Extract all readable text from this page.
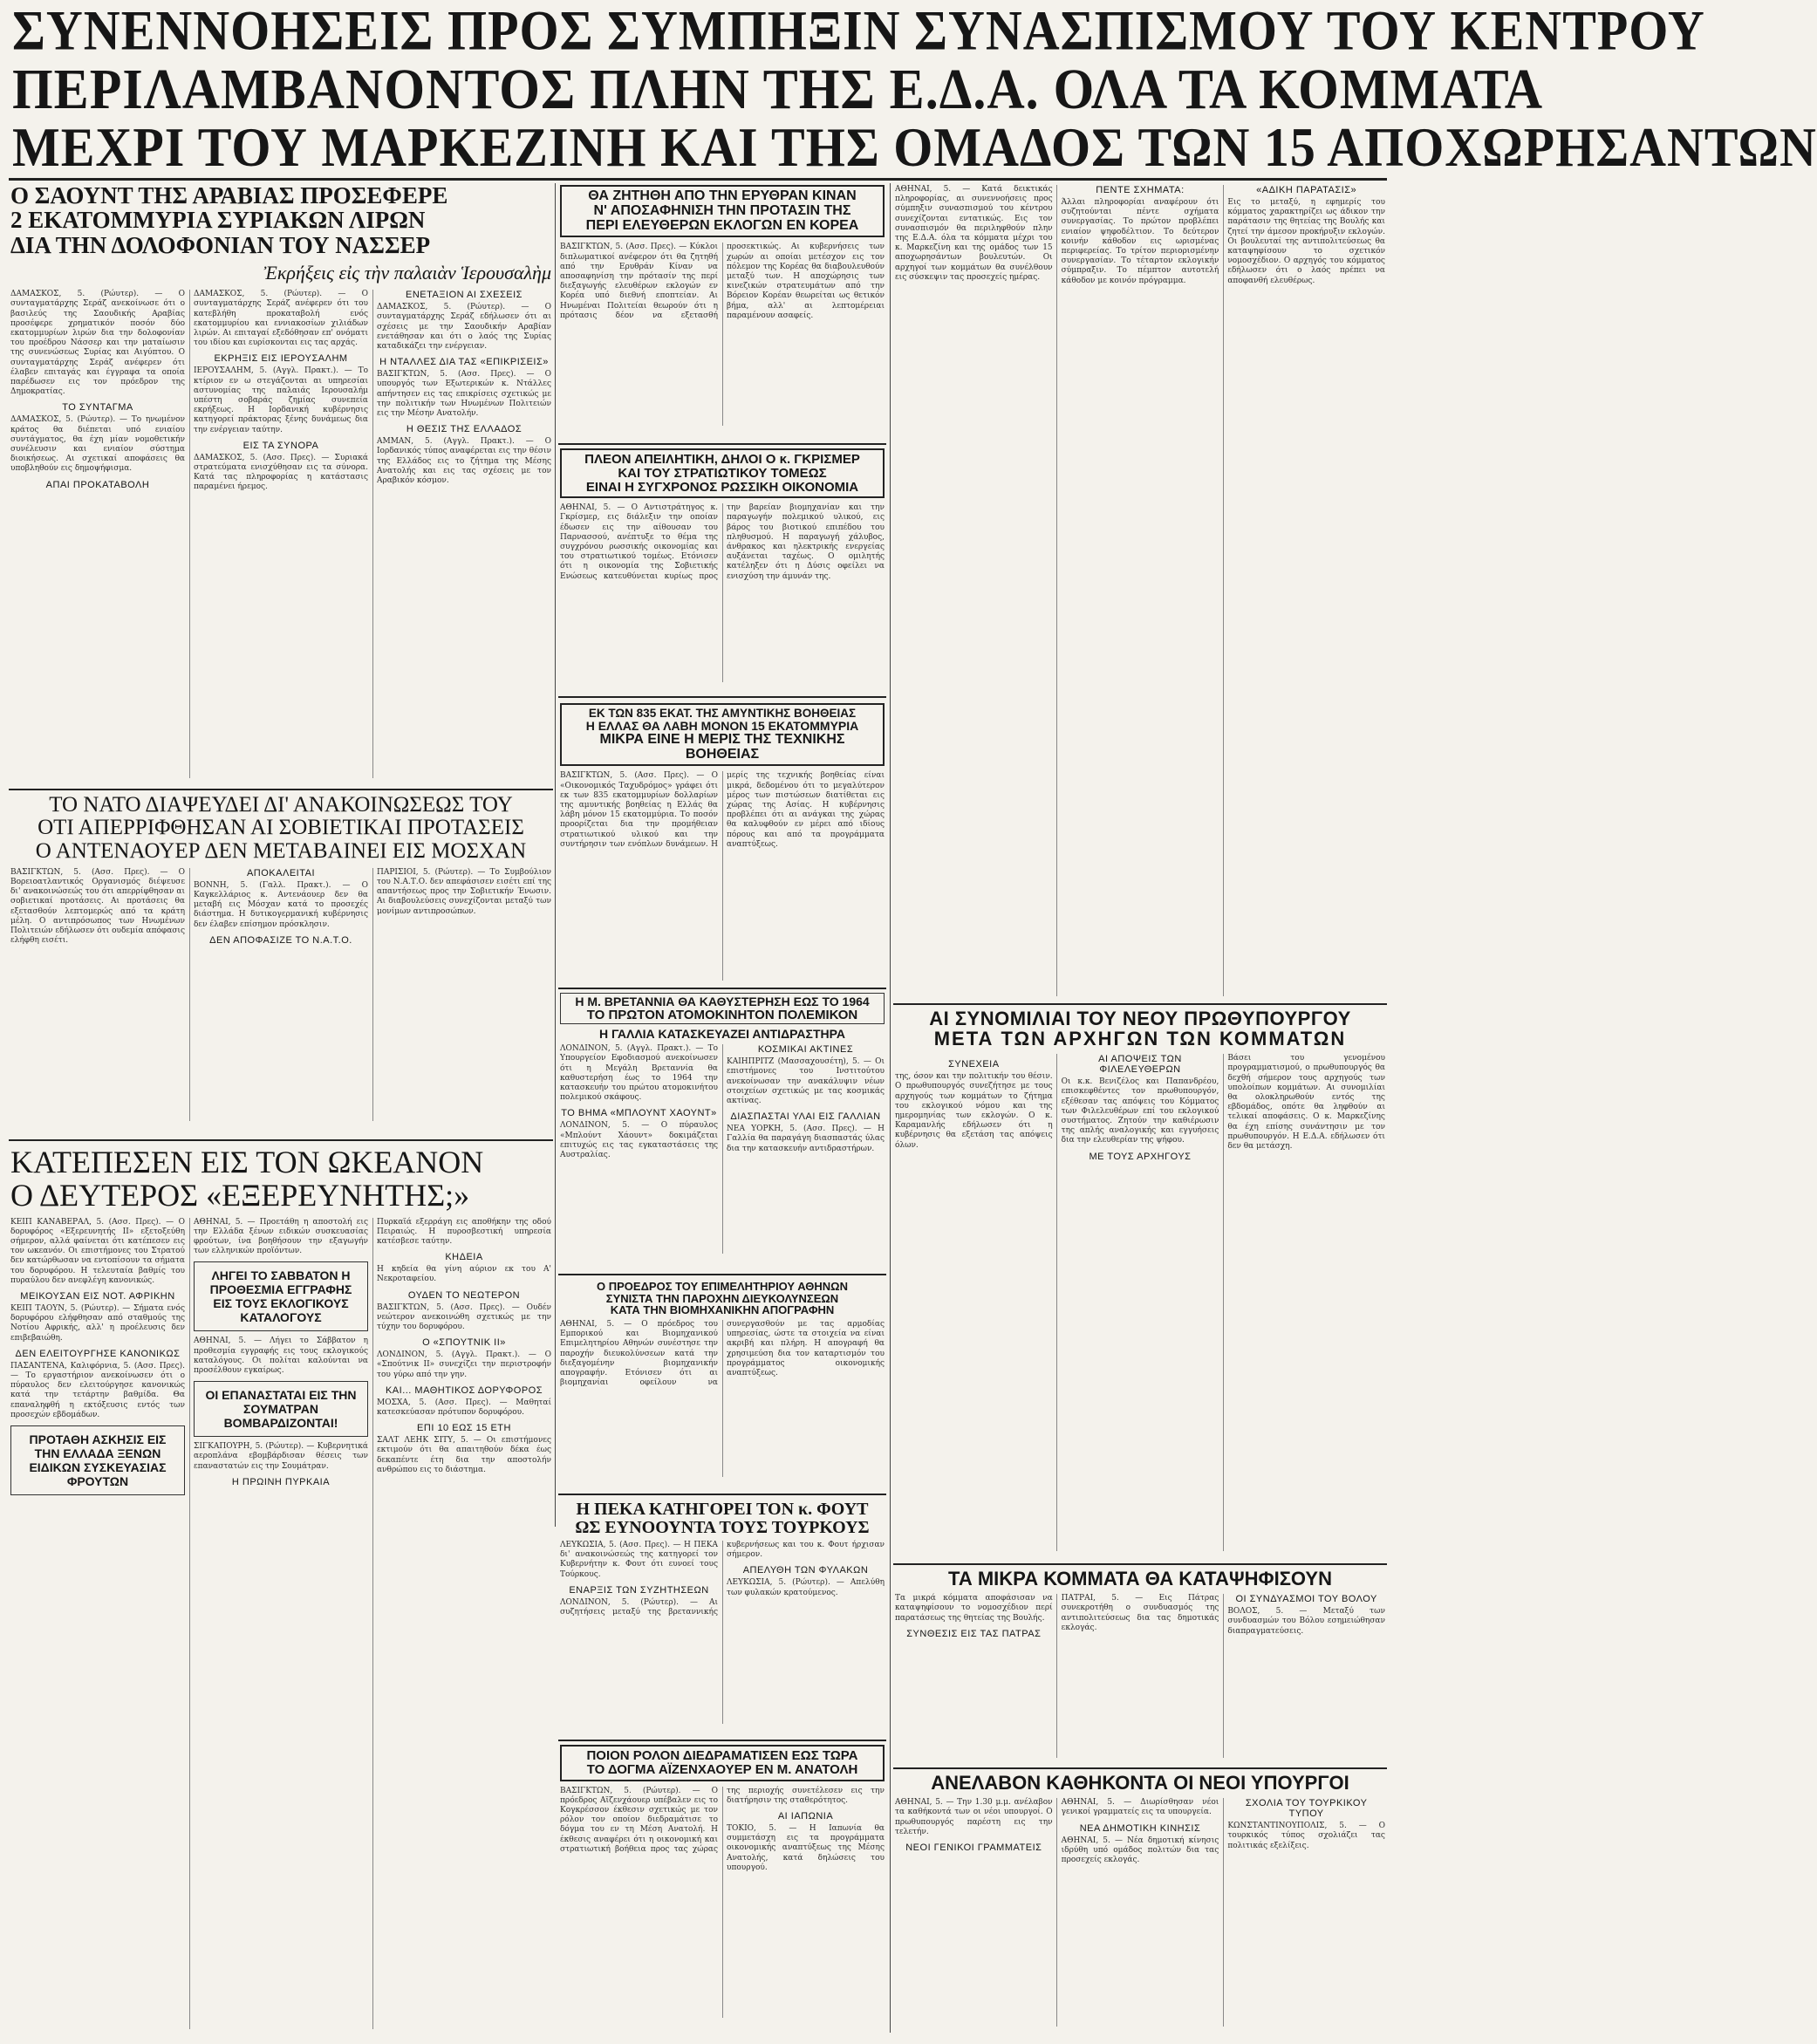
ΣΥΝΕΝΝΟΗΣΕΙΣ ΠΡΟΣ ΣΥΜΠΗΞΙΝ ΣΥΝΑΣΠΙΣΜΟΥ ΤΟΥ ΚΕΝΤΡΟΥ
ΠΕΡΙΛΑΜΒΑΝΟΝΤΟΣ ΠΛΗΝ ΤΗΣ Ε.Δ.Α. ΟΛΑ ΤΑ ΚΟΜΜΑΤΑ
ΜΕΧΡΙ ΤΟΥ ΜΑΡΚΕΖΙΝΗ ΚΑΙ ΤΗΣ ΟΜΑΔΟΣ ΤΩΝ 15 ΑΠΟΧΩΡΗΣΑΝΤΩΝ
Ο ΣΑΟΥΝΤ ΤΗΣ ΑΡΑΒΙΑΣ ΠΡΟΣΕΦΕΡΕ
2 ΕΚΑΤΟΜΜΥΡΙΑ ΣΥΡΙΑΚΩΝ ΛΙΡΩΝ
ΔΙΑ ΤΗΝ ΔΟΛΟΦΟΝΙΑΝ ΤΟΥ ΝΑΣΣΕΡ
Ἐκρήξεις εἰς τὴν παλαιὰν Ἱερουσαλὴμ

ΔΑΜΑΣΚΟΣ, 5. (Ρώυτερ). — Ο συνταγματάρχης Σεράζ ανεκοίνωσε ότι ο βασιλεύς της Σαουδικής Αραβίας προσέφερε χρηματικόν ποσόν δύο εκατομμυρίων λιρών δια την δολοφονίαν του προέδρου Νάσσερ και την ματαίωσιν της συνενώσεως Συρίας και Αιγύπτου. Ο συνταγματάρχης Σεράζ ανέφερεν ότι έλαβεν επιταγάς και έγγραφα τα οποία παρέδωσεν εις τον πρόεδρον της Δημοκρατίας.

ΤΟ ΣΥΝΤΑΓΜΑ

ΔΑΜΑΣΚΟΣ, 5. (Ρώυτερ). — Το ηνωμένον κράτος θα διέπεται υπό ενιαίου συντάγματος, θα έχη μίαν νομοθετικήν συνέλευσιν και ενιαίον σύστημα διοικήσεως. Αι σχετικαί αποφάσεις θα υποβληθούν εις δημοψήφισμα.

ΑΠΑΙ ΠΡΟΚΑΤΑΒΟΛΗ

ΔΑΜΑΣΚΟΣ, 5. (Ρώυτερ). — Ο συνταγματάρχης Σεράζ ανέφερεν ότι του κατεβλήθη προκαταβολή ενός εκατομμυρίου και εννιακοσίων χιλιάδων λιρών. Αι επιταγαί εξεδόθησαν επ' ονόματι του ιδίου και ευρίσκονται εις τας αρχάς.

ΕΚΡΗΞΙΣ ΕΙΣ ΙΕΡΟΥΣΑΛΗΜ

ΙΕΡΟΥΣΑΛΗΜ, 5. (Αγγλ. Πρακτ.). — Το κτίριον εν ω στεγάζονται αι υπηρεσίαι αστυνομίας της παλαιάς Ιερουσαλήμ υπέστη σοβαράς ζημίας συνεπεία εκρήξεως. Η Ιορδανική κυβέρνησις κατηγορεί πράκτορας ξένης δυνάμεως δια την ενέργειαν ταύτην.

ΕΙΣ ΤΑ ΣΥΝΟΡΑ

ΔΑΜΑΣΚΟΣ, 5. (Ασσ. Πρες). — Συριακά στρατεύματα ενισχύθησαν εις τα σύνορα. Κατά τας πληροφορίας η κατάστασις παραμένει ήρεμος.

ΕΝΕΤΑΞΙΟΝ ΑΙ ΣΧΕΣΕΙΣ

ΔΑΜΑΣΚΟΣ, 5. (Ρώυτερ). — Ο συνταγματάρχης Σεράζ εδήλωσεν ότι αι σχέσεις με την Σαουδικήν Αραβίαν ενετάθησαν και ότι ο λαός της Συρίας καταδικάζει την ενέργειαν.

Η ΝΤΑΛΛΕΣ ΔΙΑ ΤΑΣ «ΕΠΙΚΡΙΣΕΙΣ»

ΒΑΣΙΓΚΤΩΝ, 5. (Ασσ. Πρες). — Ο υπουργός των Εξωτερικών κ. Ντάλλες απήντησεν εις τας επικρίσεις σχετικώς με την πολιτικήν των Ηνωμένων Πολιτειών εις την Μέσην Ανατολήν.

Η ΘΕΣΙΣ ΤΗΣ ΕΛΛΑΔΟΣ

ΑΜΜΑΝ, 5. (Αγγλ. Πρακτ.). — Ο Ιορδανικός τύπος αναφέρεται εις την θέσιν της Ελλάδος εις το ζήτημα της Μέσης Ανατολής και εις τας σχέσεις με τον Αραβικόν κόσμον.

ΘΑ ΖΗΤΗΘΗ ΑΠΟ ΤΗΝ ΕΡΥΘΡΑΝ ΚΙΝΑΝ
Ν' ΑΠΟΣΑΦΗΝΙΣΗ ΤΗΝ ΠΡΟΤΑΣΙΝ ΤΗΣ
ΠΕΡΙ ΕΛΕΥΘΕΡΩΝ ΕΚΛΟΓΩΝ ΕΝ ΚΟΡΕΑ

ΒΑΣΙΓΚΤΩΝ, 5. (Ασσ. Πρες). — Κύκλοι διπλωματικοί ανέφερον ότι θα ζητηθή από την Ερυθράν Κίναν να αποσαφηνίση την πρότασίν της περί διεξαγωγής ελευθέρων εκλογών εν Κορέα υπό διεθνή εποπτείαν. Αι Ηνωμέναι Πολιτείαι θεωρούν ότι η πρότασις δέον να εξετασθή προσεκτικώς. Αι κυβερνήσεις των χωρών αι οποίαι μετέσχον εις τον πόλεμον της Κορέας θα διαβουλευθούν μεταξύ των. Η αποχώρησις των κινεζικών στρατευμάτων από την Βόρειον Κορέαν θεωρείται ως θετικόν βήμα, αλλ' αι λεπτομέρειαι παραμένουν ασαφείς.

ΠΛΕΟΝ ΑΠΕΙΛΗΤΙΚΗ, ΔΗΛΟΙ Ο κ. ΓΚΡΙΣΜΕΡ
ΚΑΙ ΤΟΥ ΣΤΡΑΤΙΩΤΙΚΟΥ ΤΟΜΕΩΣ
ΕΙΝΑΙ Η ΣΥΓΧΡΟΝΟΣ ΡΩΣΣΙΚΗ ΟΙΚΟΝΟΜΙΑ

ΑΘΗΝΑΙ, 5. — Ο Αντιστράτηγος κ. Γκρίσμερ, εις διάλεξιν την οποίαν έδωσεν εις την αίθουσαν του Παρνασσού, ανέπτυξε το θέμα της συγχρόνου ρωσσικής οικονομίας και του στρατιωτικού τομέως. Ετόνισεν ότι η οικονομία της Σοβιετικής Ενώσεως κατευθύνεται κυρίως προς την βαρείαν βιομηχανίαν και την παραγωγήν πολεμικού υλικού, εις βάρος του βιοτικού επιπέδου του πληθυσμού. Η παραγωγή χάλυβος, άνθρακος και ηλεκτρικής ενεργείας αυξάνεται ταχέως. Ο ομιλητής κατέληξεν ότι η Δύσις οφείλει να ενισχύση την άμυνάν της.

ΕΚ ΤΩΝ 835 ΕΚΑΤ. ΤΗΣ ΑΜΥΝΤΙΚΗΣ ΒΟΗΘΕΙΑΣ
Η ΕΛΛΑΣ ΘΑ ΛΑΒΗ ΜΟΝΟΝ 15 ΕΚΑΤΟΜΜΥΡΙΑ
ΜΙΚΡΑ ΕΙΝΕ Η ΜΕΡΙΣ ΤΗΣ ΤΕΧΝΙΚΗΣ ΒΟΗΘΕΙΑΣ

ΒΑΣΙΓΚΤΩΝ, 5. (Ασσ. Πρες). — Ο «Οικονομικός Ταχυδρόμος» γράφει ότι εκ των 835 εκατομμυρίων δολλαρίων της αμυντικής βοηθείας η Ελλάς θα λάβη μόνον 15 εκατομμύρια. Το ποσόν προορίζεται δια την προμήθειαν στρατιωτικού υλικού και την συντήρησιν των ενόπλων δυνάμεων. Η μερίς της τεχνικής βοηθείας είναι μικρά, δεδομένου ότι το μεγαλύτερον μέρος των πιστώσεων διατίθεται εις χώρας της Ασίας. Η κυβέρνησις προβλέπει ότι αι ανάγκαι της χώρας θα καλυφθούν εν μέρει από ιδίους πόρους και από τα προγράμματα αναπτύξεως.

Η Μ. ΒΡΕΤΑΝΝΙΑ ΘΑ ΚΑΘΥΣΤΕΡΗΣΗ ΕΩΣ ΤΟ 1964
ΤΟ ΠΡΩΤΟΝ ΑΤΟΜΟΚΙΝΗΤΟΝ ΠΟΛΕΜΙΚΟΝ
Η ΓΑΛΛΙΑ ΚΑΤΑΣΚΕΥΑΖΕΙ ΑΝΤΙΔΡΑΣΤΗΡΑ

ΛΟΝΔΙΝΟΝ, 5. (Αγγλ. Πρακτ.). — Το Υπουργείον Εφοδιασμού ανεκοίνωσεν ότι η Μεγάλη Βρεταννία θα καθυστερήση έως το 1964 την κατασκευήν του πρώτου ατομοκινήτου πολεμικού σκάφους.

ΤΟ ΒΗΜΑ «ΜΠΛΟΥΝΤ ΧΑΟΥΝΤ»

ΛΟΝΔΙΝΟΝ, 5. — Ο πύραυλος «Μπλούντ Χάουντ» δοκιμάζεται επιτυχώς εις τας εγκαταστάσεις της Αυστραλίας.

ΚΟΣΜΙΚΑΙ ΑΚΤΙΝΕΣ

ΚΑΙΗΠΡΙΤΖ (Μασσαχουσέτη), 5. — Οι επιστήμονες του Ινστιτούτου ανεκοίνωσαν την ανακάλυψιν νέων στοιχείων σχετικώς με τας κοσμικάς ακτίνας.

ΔΙΑΣΠΑΣΤΑΙ ΥΛΑΙ ΕΙΣ ΓΑΛΛΙΑΝ

ΝΕΑ ΥΟΡΚΗ, 5. (Ασσ. Πρες). — Η Γαλλία θα παραγάγη διασπαστάς ύλας δια την κατασκευήν αντιδραστήρων.

ΤΟ ΝΑΤΟ ΔΙΑΨΕΥΔΕΙ ΔΙ' ΑΝΑΚΟΙΝΩΣΕΩΣ ΤΟΥ
ΟΤΙ ΑΠΕΡΡΙΦΘΗΣΑΝ ΑΙ ΣΟΒΙΕΤΙΚΑΙ ΠΡΟΤΑΣΕΙΣ
Ο ΑΝΤΕΝΑΟΥΕΡ ΔΕΝ ΜΕΤΑΒΑΙΝΕΙ ΕΙΣ ΜΟΣΧΑΝ

ΒΑΣΙΓΚΤΩΝ, 5. (Ασσ. Πρες). — Ο Βορειοατλαντικός Οργανισμός διέψευσε δι' ανακοινώσεώς του ότι απερρίφθησαν αι σοβιετικαί προτάσεις. Αι προτάσεις θα εξετασθούν λεπτομερώς από τα κράτη μέλη. Ο αντιπρόσωπος των Ηνωμένων Πολιτειών εδήλωσεν ότι ουδεμία απόφασις ελήφθη εισέτι.

ΑΠΟΚΑΛΕΙΤΑΙ

ΒΟΝΝΗ, 5. (Γαλλ. Πρακτ.). — Ο Καγκελλάριος κ. Αντενάουερ δεν θα μεταβή εις Μόσχαν κατά το προσεχές διάστημα. Η δυτικογερμανική κυβέρνησις δεν έλαβεν επίσημον πρόσκλησιν.

ΔΕΝ ΑΠΟΦΑΣΙΖΕ ΤΟ Ν.Α.Τ.Ο.

ΠΑΡΙΣΙΟΙ, 5. (Ρώυτερ). — Το Συμβούλιον του Ν.Α.Τ.Ο. δεν απεφάσισεν εισέτι επί της απαντήσεως προς την Σοβιετικήν Ένωσιν. Αι διαβουλεύσεις συνεχίζονται μεταξύ των μονίμων αντιπροσώπων.

ΚΑΤΕΠΕΣΕΝ ΕΙΣ ΤΟΝ ΩΚΕΑΝΟΝ
Ο ΔΕΥΤΕΡΟΣ «ΕΞΕΡΕΥΝΗΤΗΣ;»

ΚΕΙΠ ΚΑΝΑΒΕΡΑΛ, 5. (Ασσ. Πρες). — Ο δορυφόρος «Εξερευνητής ΙΙ» εξετοξεύθη σήμερον, αλλά φαίνεται ότι κατέπεσεν εις τον ωκεανόν. Οι επιστήμονες του Στρατού δεν κατώρθωσαν να εντοπίσουν τα σήματα του δορυφόρου. Η τελευταία βαθμίς του πυραύλου δεν ανεφλέγη κανονικώς.

ΜΕΙΚΟΥΣΑΝ ΕΙΣ ΝΟΤ. ΑΦΡΙΚΗΝ

ΚΕΙΠ ΤΑΟΥΝ, 5. (Ρώυτερ). — Σήματα ενός δορυφόρου ελήφθησαν από σταθμούς της Νοτίου Αφρικής, αλλ' η προέλευσις δεν επιβεβαιώθη.

ΔΕΝ ΕΛΕΙΤΟΥΡΓΗΣΕ ΚΑΝΟΝΙΚΩΣ

ΠΑΣΑΝΤΕΝΑ, Καλιφόρνια, 5. (Ασσ. Πρες). — Το εργαστήριον ανεκοίνωσεν ότι ο πύραυλος δεν ελειτούργησε κανονικώς κατά την τετάρτην βαθμίδα. Θα επαναληφθή η εκτόξευσις εντός των προσεχών εβδομάδων.

ΠΡΟΤΑΘΗ ΑΣΚΗΣΙΣ ΕΙΣ ΤΗΝ ΕΛΛΑΔΑ ΞΕΝΩΝ ΕΙΔΙΚΩΝ ΣΥΣΚΕΥΑΣΙΑΣ ΦΡΟΥΤΩΝ

ΑΘΗΝΑΙ, 5. — Προετάθη η αποστολή εις την Ελλάδα ξένων ειδικών συσκευασίας φρούτων, ίνα βοηθήσουν την εξαγωγήν των ελληνικών προϊόντων.

ΛΗΓΕΙ ΤΟ ΣΑΒΒΑΤΟΝ Η ΠΡΟΘΕΣΜΙΑ ΕΓΓΡΑΦΗΣ ΕΙΣ ΤΟΥΣ ΕΚΛΟΓΙΚΟΥΣ ΚΑΤΑΛΟΓΟΥΣ

ΑΘΗΝΑΙ, 5. — Λήγει το Σάββατον η προθεσμία εγγραφής εις τους εκλογικούς καταλόγους. Οι πολίται καλούνται να προσέλθουν εγκαίρως.

ΟΙ ΕΠΑΝΑΣΤΑΤΑΙ ΕΙΣ ΤΗΝ ΣΟΥΜΑΤΡΑΝ ΒΟΜΒΑΡΔΙΖΟΝΤΑΙ!

ΣΙΓΚΑΠΟΥΡΗ, 5. (Ρώυτερ). — Κυβερνητικά αεροπλάνα εβομβάρδισαν θέσεις των επαναστατών εις την Σουμάτραν.

Η ΠΡΩΙΝΗ ΠΥΡΚΑΙΑ

Πυρκαϊά εξερράγη εις αποθήκην της οδού Πειραιώς. Η πυροσβεστική υπηρεσία κατέσβεσε ταύτην.

ΚΗΔΕΙΑ

Η κηδεία θα γίνη αύριον εκ του Α' Νεκροταφείου.

ΟΥΔΕΝ ΤΟ ΝΕΩΤΕΡΟΝ

ΒΑΣΙΓΚΤΩΝ, 5. (Ασσ. Πρες). — Ουδέν νεώτερον ανεκοινώθη σχετικώς με την τύχην του δορυφόρου.

Ο «ΣΠΟΥΤΝΙΚ ΙΙ»

ΛΟΝΔΙΝΟΝ, 5. (Αγγλ. Πρακτ.). — Ο «Σπούτνικ ΙΙ» συνεχίζει την περιστροφήν του γύρω από την γην.

ΚΑΙ... ΜΑΘΗΤΙΚΟΣ ΔΟΡΥΦΟΡΟΣ

ΜΟΣΧΑ, 5. (Ασσ. Πρες). — Μαθηταί κατεσκεύασαν πρότυπον δορυφόρου.

ΕΠΙ 10 ΕΩΣ 15 ΕΤΗ

ΣΑΛΤ ΛΕΗΚ ΣΙΤΥ, 5. — Οι επιστήμονες εκτιμούν ότι θα απαιτηθούν δέκα έως δεκαπέντε έτη δια την αποστολήν ανθρώπου εις το διάστημα.

Ο ΠΡΟΕΔΡΟΣ ΤΟΥ ΕΠΙΜΕΛΗΤΗΡΙΟΥ ΑΘΗΝΩΝ
ΣΥΝΙΣΤΑ ΤΗΝ ΠΑΡΟΧΗΝ ΔΙΕΥΚΟΛΥΝΣΕΩΝ
ΚΑΤΑ ΤΗΝ ΒΙΟΜΗΧΑΝΙΚΗΝ ΑΠΟΓΡΑΦΗΝ

ΑΘΗΝΑΙ, 5. — Ο πρόεδρος του Εμπορικού και Βιομηχανικού Επιμελητηρίου Αθηνών συνέστησε την παροχήν διευκολύνσεων κατά την διεξαγομένην βιομηχανικήν απογραφήν. Ετόνισεν ότι αι βιομηχανίαι οφείλουν να συνεργασθούν με τας αρμοδίας υπηρεσίας, ώστε τα στοιχεία να είναι ακριβή και πλήρη. Η απογραφή θα χρησιμεύση δια τον καταρτισμόν του προγράμματος οικονομικής αναπτύξεως.

Η ΠΕΚΑ ΚΑΤΗΓΟΡΕΙ ΤΟΝ κ. ΦΟΥΤ
ΩΣ ΕΥΝΟΟΥΝΤΑ ΤΟΥΣ ΤΟΥΡΚΟΥΣ

ΛΕΥΚΩΣΙΑ, 5. (Ασσ. Πρες). — Η ΠΕΚΑ δι' ανακοινώσεώς της κατηγορεί τον Κυβερνήτην κ. Φουτ ότι ευνοεί τους Τούρκους.

ΕΝΑΡΞΙΣ ΤΩΝ ΣΥΖΗΤΗΣΕΩΝ

ΛΟΝΔΙΝΟΝ, 5. (Ρώυτερ). — Αι συζητήσεις μεταξύ της βρεταννικής κυβερνήσεως και του κ. Φουτ ήρχισαν σήμερον.

ΑΠΕΛΥΘΗ ΤΩΝ ΦΥΛΑΚΩΝ

ΛΕΥΚΩΣΙΑ, 5. (Ρώυτερ). — Απελύθη των φυλακών κρατούμενος.

ΠΟΙΟΝ ΡΟΛΟΝ ΔΙΕΔΡΑΜΑΤΙΣΕΝ ΕΩΣ ΤΩΡΑ
ΤΟ ΔΟΓΜΑ ΑΪΖΕΝΧΑΟΥΕΡ ΕΝ Μ. ΑΝΑΤΟΛΗ

ΒΑΣΙΓΚΤΩΝ, 5. (Ρώυτερ). — Ο πρόεδρος Αϊζενχάουερ υπέβαλεν εις το Κογκρέσσον έκθεσιν σχετικώς με τον ρόλον τον οποίον διεδραμάτισε το δόγμα του εν τη Μέση Ανατολή. Η έκθεσις αναφέρει ότι η οικονομική και στρατιωτική βοήθεια προς τας χώρας της περιοχής συνετέλεσεν εις την διατήρησιν της σταθερότητος.

ΑΙ ΙΑΠΩΝΙΑ

ΤΟΚΙΟ, 5. — Η Ιαπωνία θα συμμετάσχη εις τα προγράμματα οικονομικής αναπτύξεως της Μέσης Ανατολής, κατά δηλώσεις του υπουργού.

ΑΘΗΝΑΙ, 5. — Κατά δεικτικάς πληροφορίας, αι συνεννοήσεις προς σύμπηξιν συνασπισμού του κέντρου συνεχίζονται εντατικώς. Εις τον συνασπισμόν θα περιληφθούν πλην της Ε.Δ.Α. όλα τα κόμματα μέχρι του κ. Μαρκεζίνη και της ομάδος των 15 αποχωρησάντων βουλευτών. Οι αρχηγοί των κομμάτων θα συνέλθουν εις σύσκεψιν τας προσεχείς ημέρας.

ΠΕΝΤΕ ΣΧΗΜΑΤΑ:

Άλλαι πληροφορίαι αναφέρουν ότι συζητούνται πέντε σχήματα συνεργασίας. Το πρώτον προβλέπει ενιαίον ψηφοδέλτιον. Το δεύτερον κοινήν κάθοδον εις ωρισμένας περιφερείας. Το τρίτον περιορισμένην συνεργασίαν. Το τέταρτον εκλογικήν σύμπραξιν. Το πέμπτον αυτοτελή κάθοδον με κοινόν πρόγραμμα.

«ΑΔΙΚΗ ΠΑΡΑΤΑΣΙΣ»

Εις το μεταξύ, η εφημερίς του κόμματος χαρακτηρίζει ως άδικον την παράτασιν της θητείας της Βουλής και ζητεί την άμεσον προκήρυξιν εκλογών. Οι βουλευταί της αντιπολιτεύσεως θα καταψηφίσουν το σχετικόν νομοσχέδιον. Ο αρχηγός του κόμματος εδήλωσεν ότι ο λαός πρέπει να αποφανθή ελευθέρως.

ΑΙ ΣΥΝΟΜΙΛΙΑΙ ΤΟΥ ΝΕΟΥ ΠΡΩΘΥΠΟΥΡΓΟΥ
ΜΕΤΑ ΤΩΝ ΑΡΧΗΓΩΝ ΤΩΝ ΚΟΜΜΑΤΩΝ
ΣΥΝΕΧΕΙΑ

της, όσον και την πολιτικήν του θέσιν. Ο πρωθυπουργός συνεζήτησε με τους αρχηγούς των κομμάτων το ζήτημα του εκλογικού νόμου και της ημερομηνίας των εκλογών. Ο κ. Καραμανλής εδήλωσεν ότι η κυβέρνησις θα εξετάση τας απόψεις όλων.

ΑΙ ΑΠΟΨΕΙΣ ΤΩΝ ΦΙΛΕΛΕΥΘΕΡΩΝ

Οι κ.κ. Βενιζέλος και Παπανδρέου, επισκεφθέντες τον πρωθυπουργόν, εξέθεσαν τας απόψεις του Κόμματος των Φιλελευθέρων επί του εκλογικού συστήματος. Ζητούν την καθιέρωσιν της απλής αναλογικής και εγγυήσεις δια την ελευθερίαν της ψήφου.

ΜΕ ΤΟΥΣ ΑΡΧΗΓΟΥΣ

Βάσει του γενομένου προγραμματισμού, ο πρωθυπουργός θα δεχθή σήμερον τους αρχηγούς των υπολοίπων κομμάτων. Αι συνομιλίαι θα ολοκληρωθούν εντός της εβδομάδος, οπότε θα ληφθούν αι τελικαί αποφάσεις. Ο κ. Μαρκεζίνης θα έχη επίσης συνάντησιν με τον πρωθυπουργόν. Η Ε.Δ.Α. εδήλωσεν ότι δεν θα μετάσχη.

ΤΑ ΜΙΚΡΑ ΚΟΜΜΑΤΑ ΘΑ ΚΑΤΑΨΗΦΙΣΟΥΝ

Τα μικρά κόμματα αποφάσισαν να καταψηφίσουν το νομοσχέδιον περί παρατάσεως της θητείας της Βουλής.

ΣΥΝΘΕΣΙΣ ΕΙΣ ΤΑΣ ΠΑΤΡΑΣ

ΠΑΤΡΑΙ, 5. — Εις Πάτρας συνεκροτήθη ο συνδυασμός της αντιπολιτεύσεως δια τας δημοτικάς εκλογάς.

ΟΙ ΣΥΝΔΥΑΣΜΟΙ ΤΟΥ ΒΟΛΟΥ

ΒΟΛΟΣ, 5. — Μεταξύ των συνδυασμών του Βόλου εσημειώθησαν διαπραγματεύσεις.

ΑΝΕΛΑΒΟΝ ΚΑΘΗΚΟΝΤΑ ΟΙ ΝΕΟΙ ΥΠΟΥΡΓΟΙ

ΑΘΗΝΑΙ, 5. — Την 1.30 μ.μ. ανέλαβον τα καθήκοντά των οι νέοι υπουργοί. Ο πρωθυπουργός παρέστη εις την τελετήν.

ΝΕΟΙ ΓΕΝΙΚΟΙ ΓΡΑΜΜΑΤΕΙΣ

ΑΘΗΝΑΙ, 5. — Διωρίσθησαν νέοι γενικοί γραμματείς εις τα υπουργεία.

ΝΕΑ ΔΗΜΟΤΙΚΗ ΚΙΝΗΣΙΣ

ΑΘΗΝΑΙ, 5. — Νέα δημοτική κίνησις ιδρύθη υπό ομάδος πολιτών δια τας προσεχείς εκλογάς.

ΣΧΟΛΙΑ ΤΟΥ ΤΟΥΡΚΙΚΟΥ ΤΥΠΟΥ

ΚΩΝΣΤΑΝΤΙΝΟΥΠΟΛΙΣ, 5. — Ο τουρκικός τύπος σχολιάζει τας πολιτικάς εξελίξεις.
